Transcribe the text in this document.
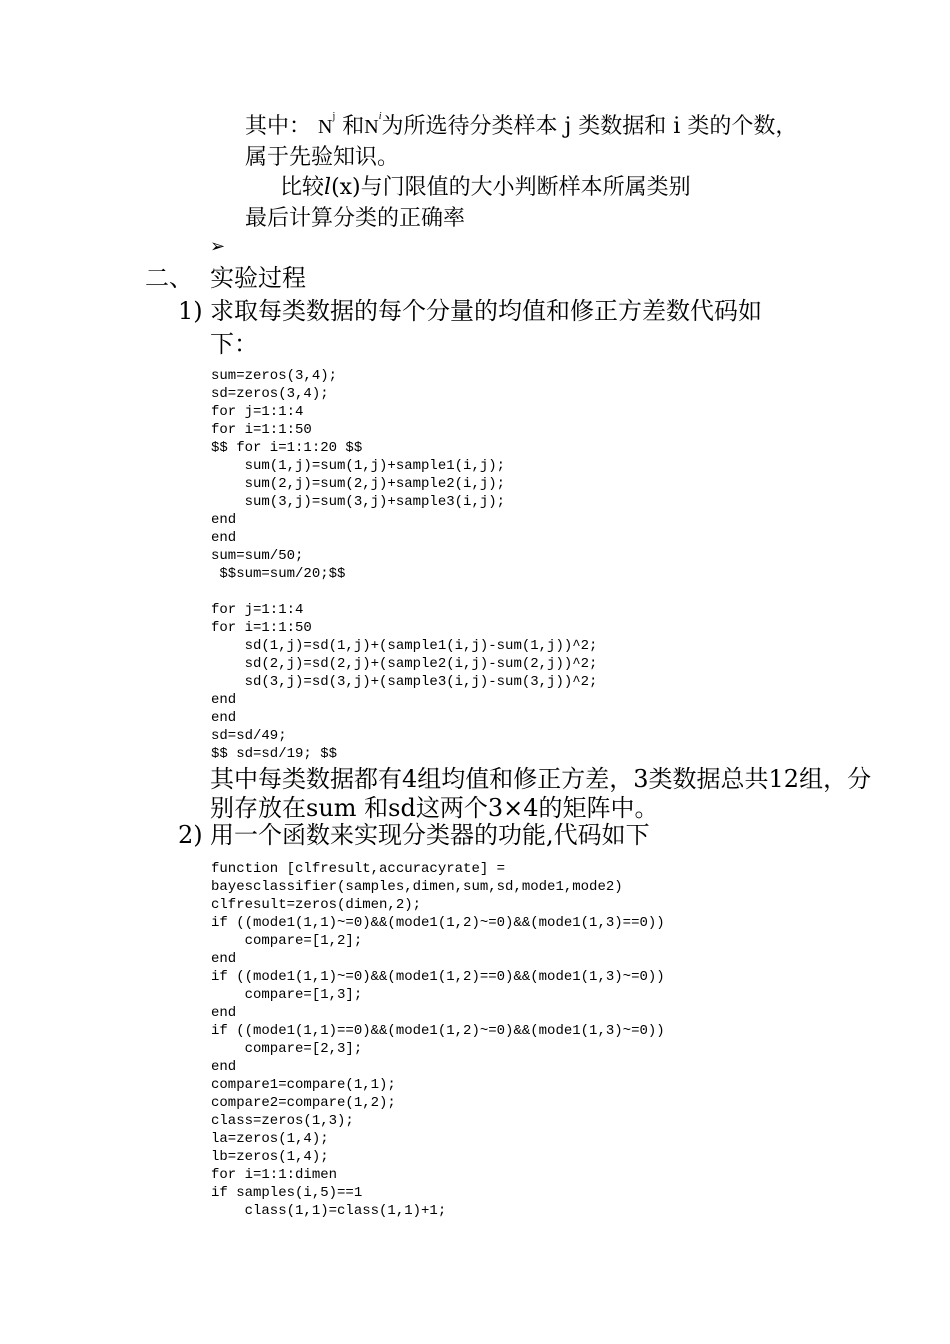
其中： $N^j$ 和$N^i$为所选待分类样本 j 类数据和 i 类的个数，
属于先验知识。
比较l(x)与门限值的大小判断样本所属类别
最后计算分类的正确率
➢
二、 实验过程
1) 求取每类数据的每个分量的均值和修正方差数代码如
下：
sum=zeros(3,4);
sd=zeros(3,4);
for j=1:1:4
for i=1:1:50
$$ for i=1:1:20 $$
sum(1,j)=sum(1,j)+sample1(i,j);
sum(2,j)=sum(2,j)+sample2(i,j);
sum(3,j)=sum(3,j)+sample3(i,j);
end
end
sum=sum/50;
$$sum=sum/20;$$

for j=1:1:4
for i=1:1:50
sd(1,j)=sd(1,j)+(sample1(i,j)-sum(1,j))^2;
sd(2,j)=sd(2,j)+(sample2(i,j)-sum(2,j))^2;
sd(3,j)=sd(3,j)+(sample3(i,j)-sum(3,j))^2;
end
end
sd=sd/49;
$$ sd=sd/19; $$
其中每类数据都有4组均值和修正方差，3类数据总共12组，分
别存放在sum 和sd这两个3×4的矩阵中。
2) 用一个函数来实现分类器的功能,代码如下
function [clfresult,accuracyrate] =
bayesclassifier(samples,dimen,sum,sd,mode1,mode2)
clfresult=zeros(dimen,2);
if ((mode1(1,1)~=0)&&(mode1(1,2)~=0)&&(mode1(1,3)==0))
compare=[1,2];
end
if ((mode1(1,1)~=0)&&(mode1(1,2)==0)&&(mode1(1,3)~=0))
compare=[1,3];
end
if ((mode1(1,1)==0)&&(mode1(1,2)~=0)&&(mode1(1,3)~=0))
compare=[2,3];
end
compare1=compare(1,1);
compare2=compare(1,2);
class=zeros(1,3);
la=zeros(1,4);
lb=zeros(1,4);
for i=1:1:dimen
if samples(i,5)==1
class(1,1)=class(1,1)+1;
